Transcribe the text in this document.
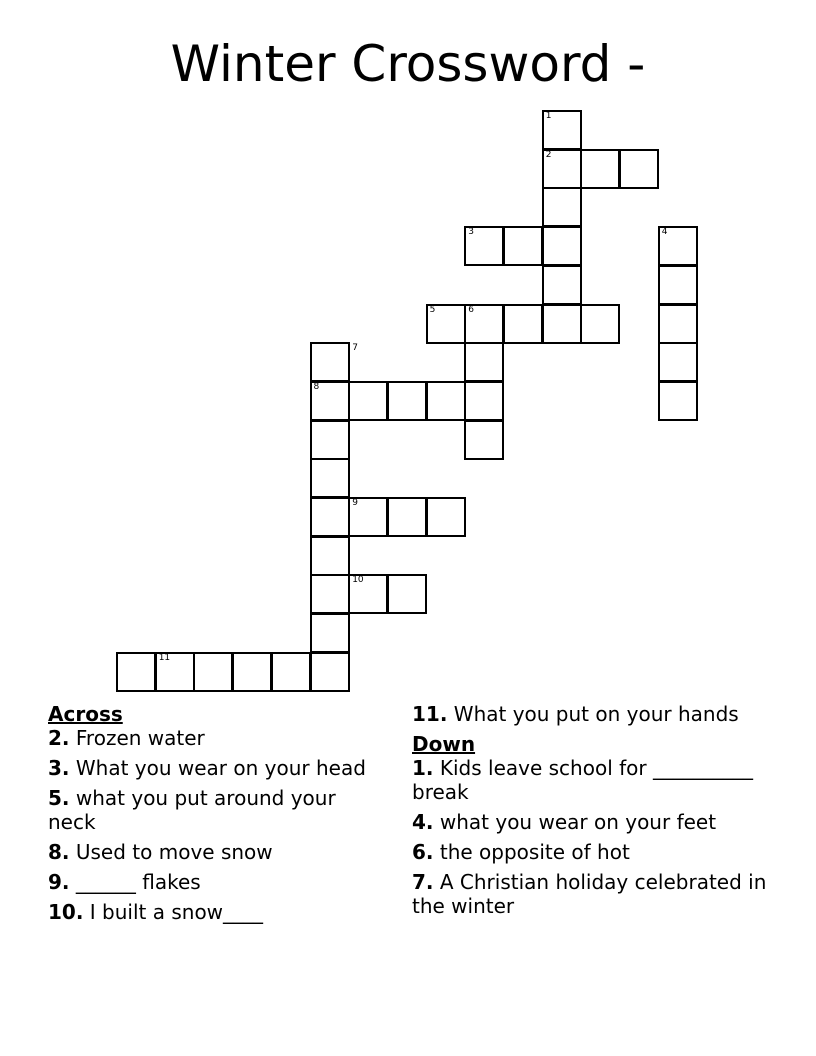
Winter Crossword -
1
2
3	4
5	6
7
8
9
10
11
Across
2. Frozen water
3. What you wear on your head
5. what you put around your neck
8. Used to move snow
9. ______ flakes
10. I built a snow____
11. What you put on your hands
Down
1. Kids leave school for __________ break
4. what you wear on your feet
6. the opposite of hot
7. A Christian holiday celebrated in the winter
